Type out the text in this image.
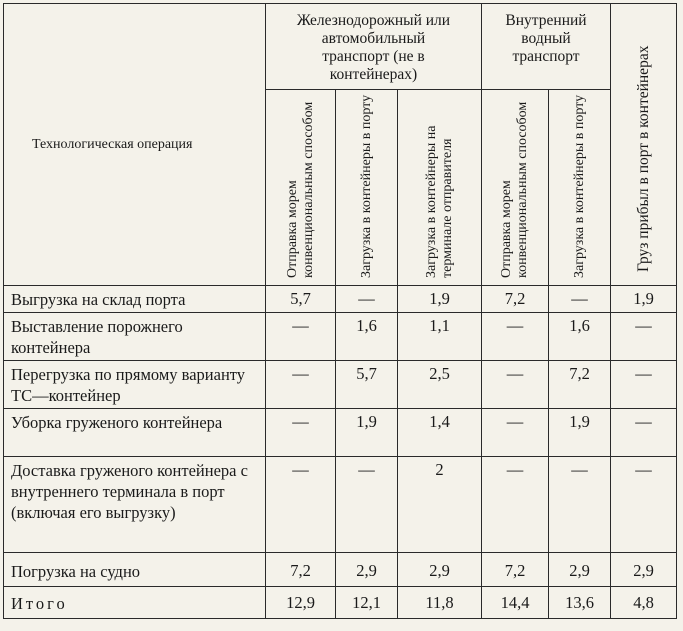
Технологическая операция	Железнодорожный или автомобильный транспорт (не в контейнерах)			Внутренний водный транспорт		Груз прибыл в порт в контейнерах

	Отправка морем конвенциональным способом	Загрузка в контейнеры в порту	Загрузка в контейнеры на терминале отправителя	Отправка морем конвенциональным способом	Загрузка в контейнеры в порту	

Выгрузка на склад порта	5,7	—	1,9	7,2	—	1,9
Выставление порожнего контейнера	—	1,6	1,1	—	1,6	—
Перегрузка по прямому варианту ТС—контейнер	—	5,7	2,5	—	7,2	—
Уборка груженого контейнера	—	1,9	1,4	—	1,9	—
Доставка груженого контейнера с внутреннего терминала в порт (включая его выгрузку)	—	—	2	—	—	—
Погрузка на судно	7,2	2,9	2,9	7,2	2,9	2,9
Итого	12,9	12,1	11,8	14,4	13,6	4,8
